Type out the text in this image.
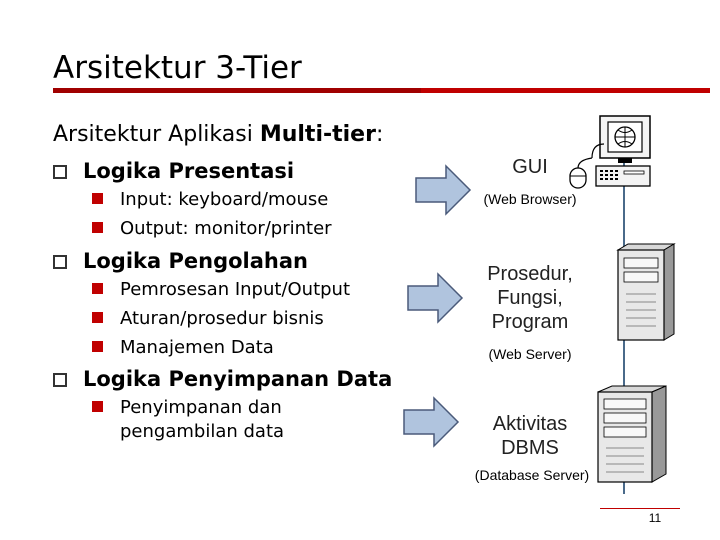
Arsitektur 3-Tier
Arsitektur Aplikasi Multi-tier:
Logika Presentasi
Input: keyboard/mouse
Output: monitor/printer
Logika Pengolahan
Pemrosesan Input/Output
Aturan/prosedur bisnis
Manajemen Data
Logika Penyimpanan Data
Penyimpanan dan
pengambilan data
GUI
(Web Browser)
Prosedur,
Fungsi,
Program
(Web Server)
Aktivitas
DBMS
(Database Server)
11
